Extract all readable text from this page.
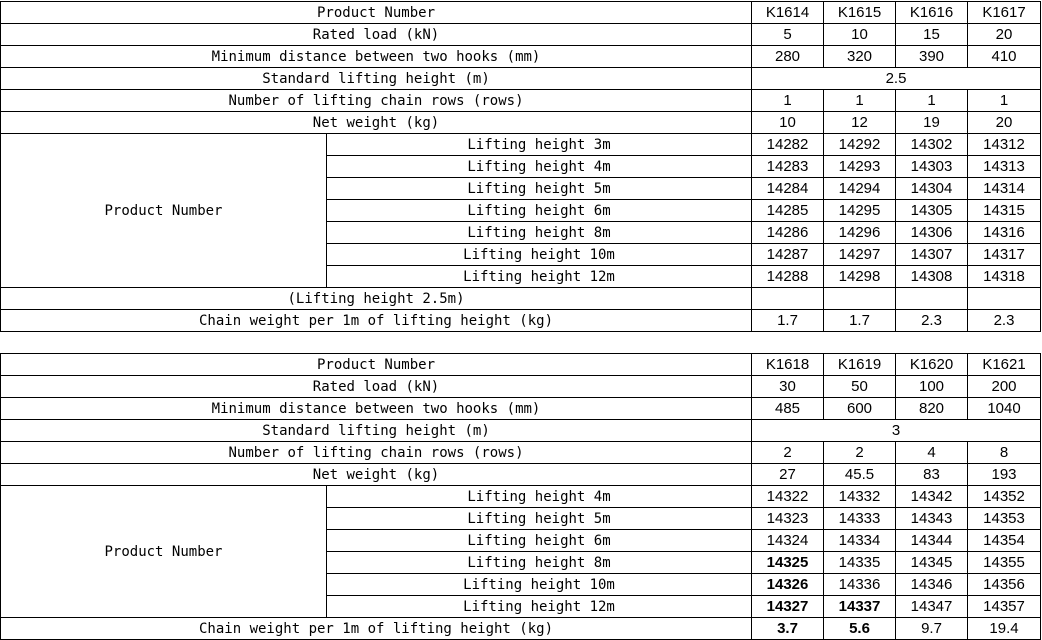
Product Number		K1614	K1615	K1616	K1617
Rated load (kN)		5	10	15	20
Minimum distance between two hooks (mm)		280	320	390	410
Standard lifting height (m)		2.5			
Number of lifting chain rows (rows)		1	1	1	1
Net weight (kg)		10	12	19	20
Product Number	Lifting height 3m	14282	14292	14302	14312
	Lifting height 4m	14283	14293	14303	14313
	Lifting height 5m	14284	14294	14304	14314
	Lifting height 6m	14285	14295	14305	14315
	Lifting height 8m	14286	14296	14306	14316
	Lifting height 10m	14287	14297	14307	14317
	Lifting height 12m	14288	14298	14308	14318
(Lifting height 2.5m)					
Chain weight per 1m of lifting height (kg)		1.7	1.7	2.3	2.3
Product Number		K1618	K1619	K1620	K1621
Rated load (kN)		30	50	100	200
Minimum distance between two hooks (mm)		485	600	820	1040
Standard lifting height (m)		3			
Number of lifting chain rows (rows)		2	2	4	8
Net weight (kg)		27	45.5	83	193
Product Number	Lifting height 4m	14322	14332	14342	14352
	Lifting height 5m	14323	14333	14343	14353
	Lifting height 6m	14324	14334	14344	14354
	Lifting height 8m	14325	14335	14345	14355
	Lifting height 10m	14326	14336	14346	14356
	Lifting height 12m	14327	14337	14347	14357
Chain weight per 1m of lifting height (kg)		3.7	5.6	9.7	19.4
